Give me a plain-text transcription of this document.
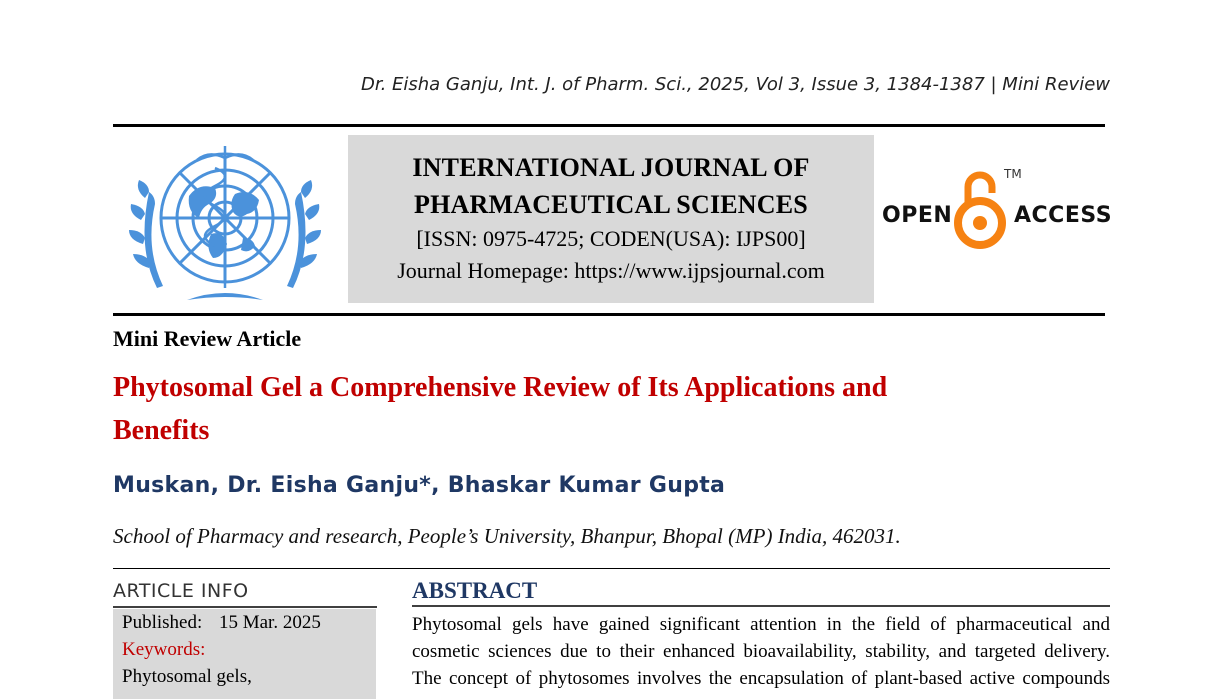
Dr. Eisha Ganju, Int. J. of Pharm. Sci., 2025, Vol 3, Issue 3, 1384-1387 | Mini Review
INTERNATIONAL JOURNAL OF
PHARMACEUTICAL SCIENCES
[ISSN: 0975-4725; CODEN(USA): IJPS00]
Journal Homepage: https://www.ijpsjournal.com
OPEN
TM
ACCESS
Mini Review Article
Phytosomal Gel a Comprehensive Review of Its Applications and
Benefits
Muskan, Dr. Eisha Ganju*, Bhaskar Kumar Gupta
School of Pharmacy and research, People’s University, Bhanpur, Bhopal (MP) India, 462031.
ARTICLE INFO
Published: 15 Mar. 2025
Keywords:
Phytosomal gels,
ABSTRACT
Phytosomal gels have gained significant attention in the field of pharmaceutical and
cosmetic sciences due to their enhanced bioavailability, stability, and targeted delivery.
The concept of phytosomes involves the encapsulation of plant-based active compounds
